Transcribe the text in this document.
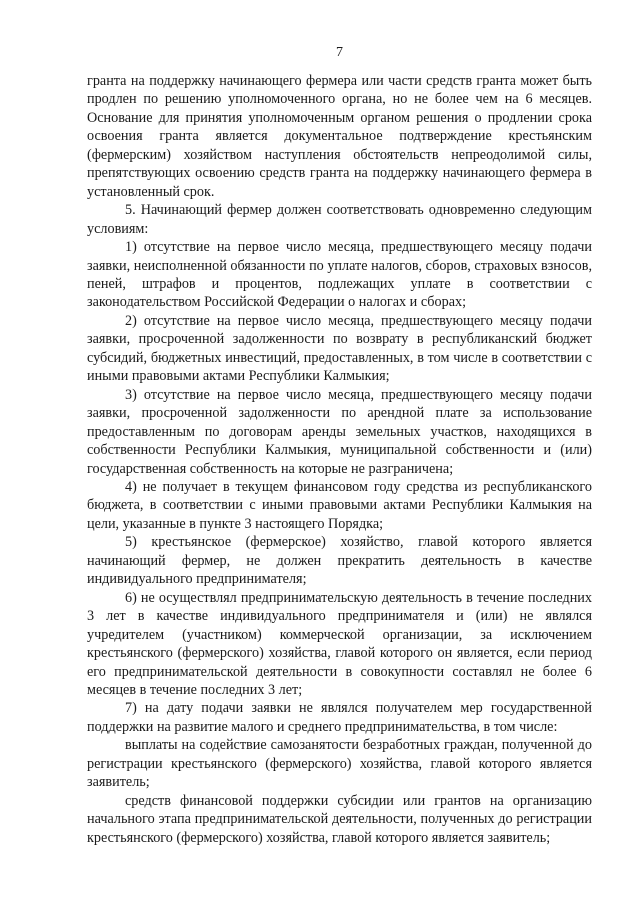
7

гранта на поддержку начинающего фермера или части средств гранта может быть продлен по решению уполномоченного органа, но не более чем на 6 месяцев. Основание для принятия уполномоченным органом решения о продлении срока освоения гранта является документальное подтверждение крестьянским (фермерским) хозяйством наступления обстоятельств непреодолимой силы, препятствующих освоению средств гранта на поддержку начинающего фермера в установленный срок.

5. Начинающий фермер должен соответствовать одновременно следующим условиям:

1) отсутствие на первое число месяца, предшествующего месяцу подачи заявки, неисполненной обязанности по уплате налогов, сборов, страховых взносов, пеней, штрафов и процентов, подлежащих уплате в соответствии с законодательством Российской Федерации о налогах и сборах;

2) отсутствие на первое число месяца, предшествующего месяцу подачи заявки, просроченной задолженности по возврату в республиканский бюджет субсидий, бюджетных инвестиций, предоставленных, в том числе в соответствии с иными правовыми актами Республики Калмыкия;

3) отсутствие на первое число месяца, предшествующего месяцу подачи заявки, просроченной задолженности по арендной плате за использование предоставленным по договорам аренды земельных участков, находящихся в собственности Республики Калмыкия, муниципальной собственности и (или) государственная собственность на которые не разграничена;

4) не получает в текущем финансовом году средства из республиканского бюджета, в соответствии с иными правовыми актами Республики Калмыкия на цели, указанные в пункте 3 настоящего Порядка;

5) крестьянское (фермерское) хозяйство, главой которого является начинающий фермер, не должен прекратить деятельность в качестве индивидуального предпринимателя;

6) не осуществлял предпринимательскую деятельность в течение последних 3 лет в качестве индивидуального предпринимателя и (или) не являлся учредителем (участником) коммерческой организации, за исключением крестьянского (фермерского) хозяйства, главой которого он является, если период его предпринимательской деятельности в совокупности составлял не более 6 месяцев в течение последних 3 лет;

7) на дату подачи заявки не являлся получателем мер государственной поддержки на развитие малого и среднего предпринимательства, в том числе:

выплаты на содействие самозанятости безработных граждан, полученной до регистрации крестьянского (фермерского) хозяйства, главой которого является заявитель;

средств финансовой поддержки субсидии или грантов на организацию начального этапа предпринимательской деятельности, полученных до регистрации крестьянского (фермерского) хозяйства, главой которого является заявитель;
